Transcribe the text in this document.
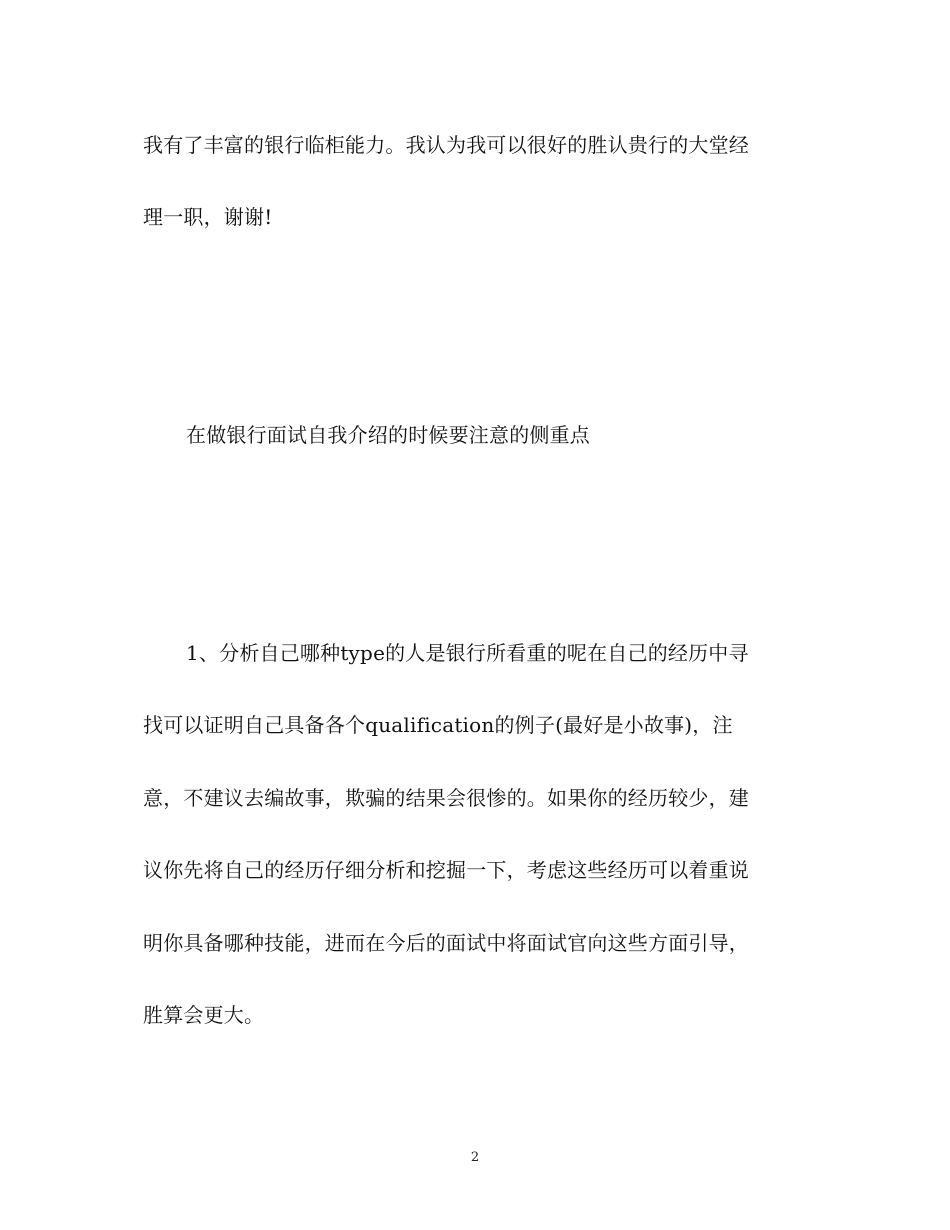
我有了丰富的银行临柜能力。我认为我可以很好的胜认贵行的大堂经
理一职，谢谢!
在做银行面试自我介绍的时候要注意的侧重点
1、分析自己哪种type的人是银行所看重的呢在自己的经历中寻
找可以证明自己具备各个qualification的例子(最好是小故事)，注
意，不建议去编故事，欺骗的结果会很惨的。如果你的经历较少，建
议你先将自己的经历仔细分析和挖掘一下，考虑这些经历可以着重说
明你具备哪种技能，进而在今后的面试中将面试官向这些方面引导，
胜算会更大。
2
